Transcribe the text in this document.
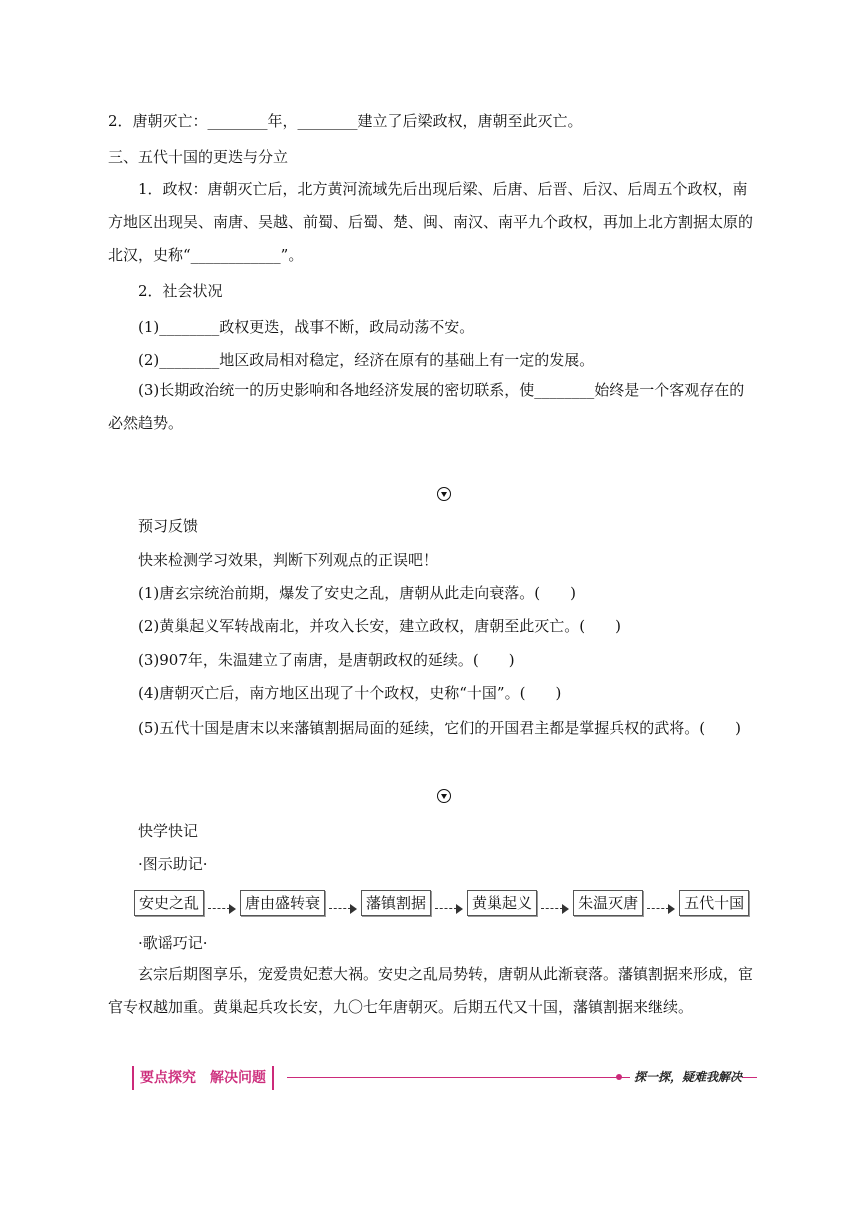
2．唐朝灭亡：________年，________建立了后梁政权，唐朝至此灭亡。
三、五代十国的更迭与分立

1．政权：唐朝灭亡后，北方黄河流域先后出现后梁、后唐、后晋、后汉、后周五个政权，南方地区出现吴、南唐、吴越、前蜀、后蜀、楚、闽、南汉、南平九个政权，再加上北方割据太原的北汉，史称“____________”。

2．社会状况
(1)________政权更迭，战事不断，政局动荡不安。
(2)________地区政局相对稳定，经济在原有的基础上有一定的发展。

(3)长期政治统一的历史影响和各地经济发展的密切联系，使________始终是一个客观存在的必然趋势。

预习反馈
快来检测学习效果，判断下列观点的正误吧！
(1)唐玄宗统治前期，爆发了安史之乱，唐朝从此走向衰落。(　　)
(2)黄巢起义军转战南北，并攻入长安，建立政权，唐朝至此灭亡。(　　)
(3)907年，朱温建立了南唐，是唐朝政权的延续。(　　)
(4)唐朝灭亡后，南方地区出现了十个政权，史称“十国”。(　　)
(5)五代十国是唐末以来藩镇割据局面的延续，它们的开国君主都是掌握兵权的武将。(　　)
快学快记
·图示助记·
安史之乱	唐由盛转衰	藩镇割据	黄巢起义	朱温灭唐	五代十国
·歌谣巧记·

玄宗后期图享乐，宠爱贵妃惹大祸。安史之乱局势转，唐朝从此渐衰落。藩镇割据来形成，宦官专权越加重。黄巢起兵攻长安，九〇七年唐朝灭。后期五代又十国，藩镇割据来继续。

要点探究　解决问题	探一探，疑难我解决
